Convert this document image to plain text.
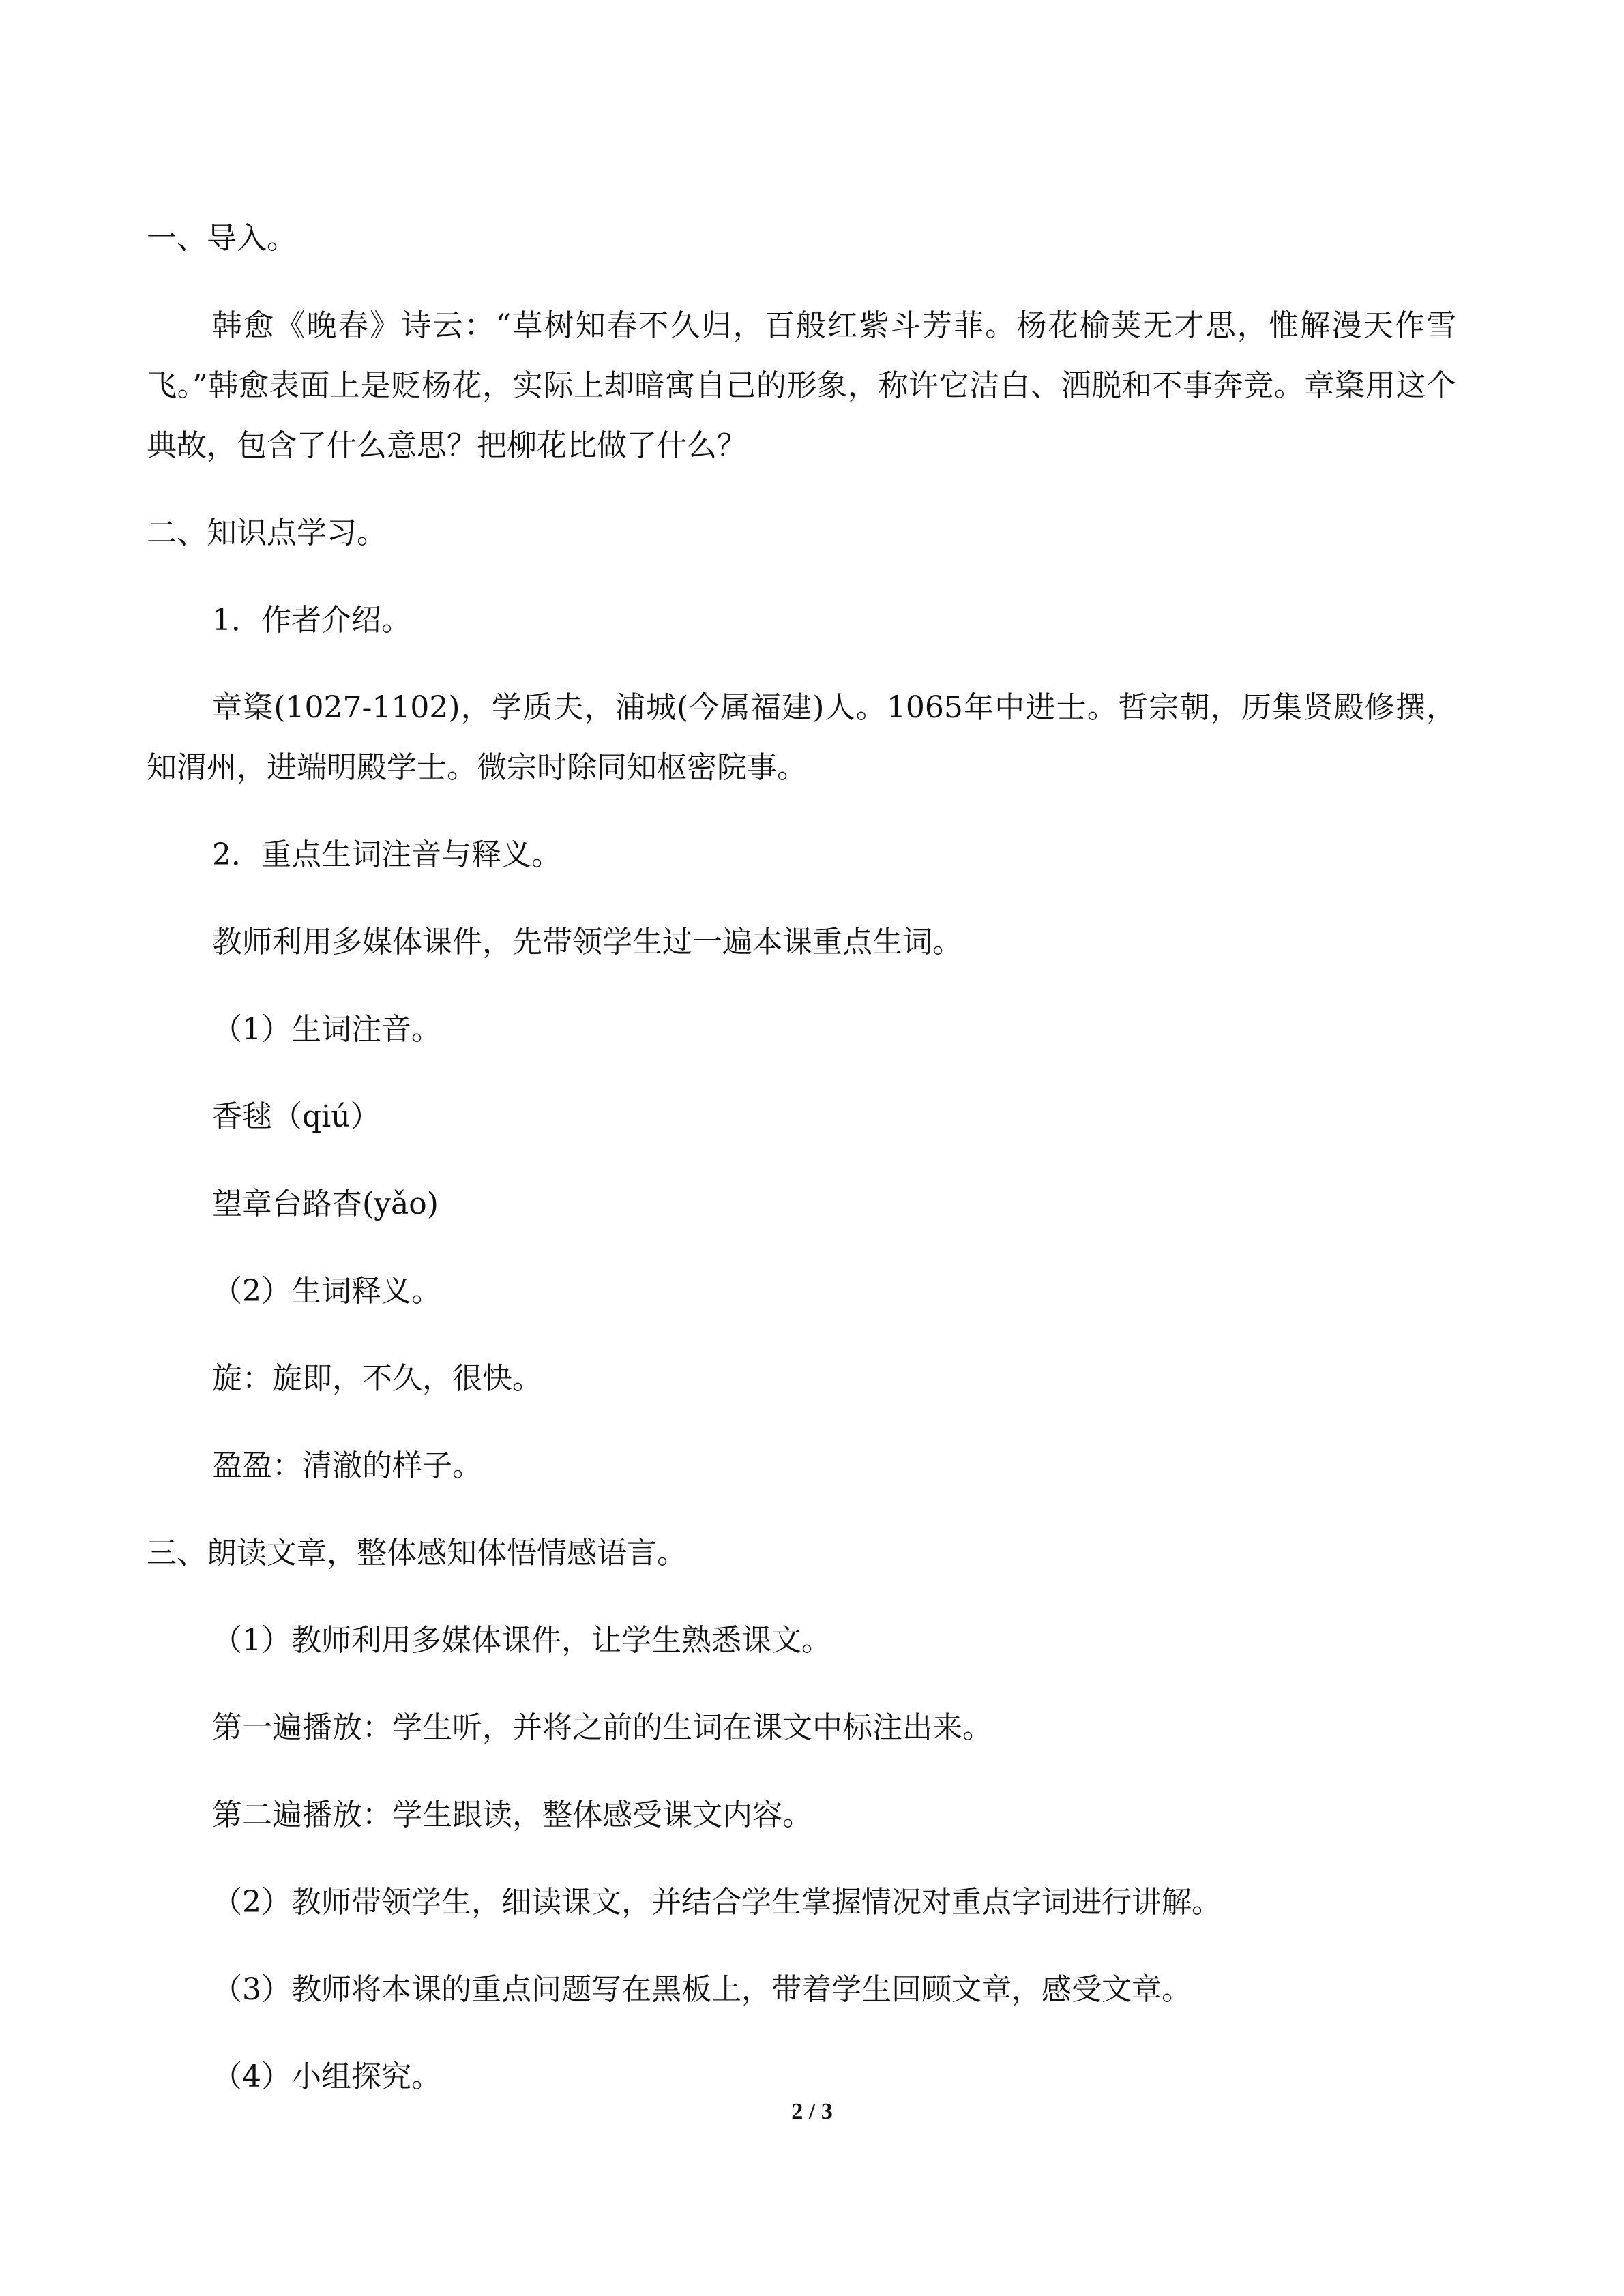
一、导入。

韩愈《晚春》诗云：“草树知春不久归，百般红紫斗芳菲。杨花榆荚无才思，惟解漫天作雪飞。”韩愈表面上是贬杨花，实际上却暗寓自己的形象，称许它洁白、洒脱和不事奔竞。章楶用这个典故，包含了什么意思？把柳花比做了什么？

二、知识点学习。

1．作者介绍。

章楶(1027-1102)，学质夫，浦城(今属福建)人。1065年中进士。哲宗朝，历集贤殿修撰，知渭州，进端明殿学士。微宗时除同知枢密院事。

2．重点生词注音与释义。

教师利用多媒体课件，先带领学生过一遍本课重点生词。

（1）生词注音。

香毬（qiú）

望章台路杳(yǎo)

（2）生词释义。

旋：旋即，不久，很快。

盈盈：清澈的样子。

三、朗读文章，整体感知体悟情感语言。

（1）教师利用多媒体课件，让学生熟悉课文。

第一遍播放：学生听，并将之前的生词在课文中标注出来。

第二遍播放：学生跟读，整体感受课文内容。

（2）教师带领学生，细读课文，并结合学生掌握情况对重点字词进行讲解。

（3）教师将本课的重点问题写在黑板上，带着学生回顾文章，感受文章。

（4）小组探究。

2 / 3
